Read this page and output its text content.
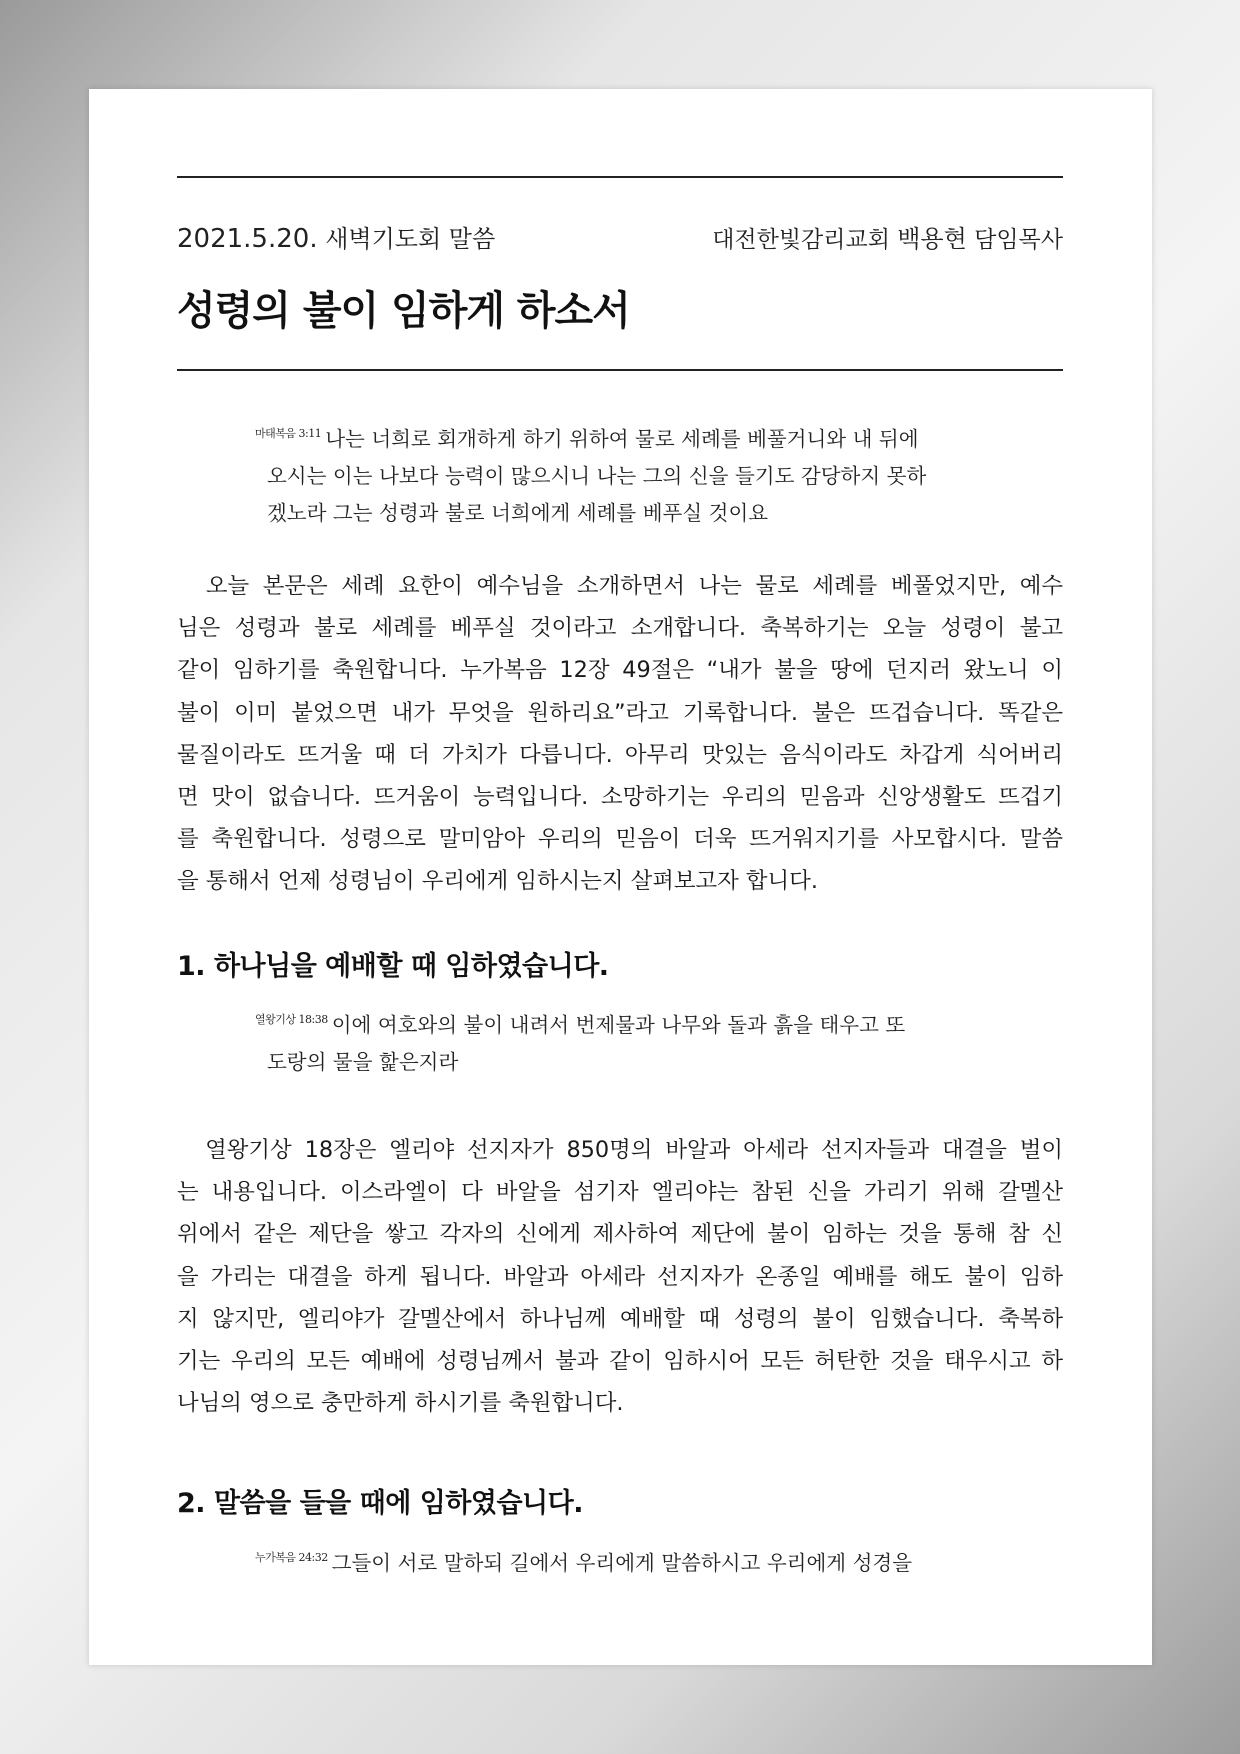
2021.5.20. 새벽기도회 말씀	대전한빛감리교회 백용현 담임목사
성령의 불이 임하게 하소서
$^{마태복음 3:11}$ 나는 너희로 회개하게 하기 위하여 물로 세례를 베풀거니와 내 뒤에
오시는 이는 나보다 능력이 많으시니 나는 그의 신을 들기도 감당하지 못하
겠노라 그는 성령과 불로 너희에게 세례를 베푸실 것이요
　오늘 본문은 세례 요한이 예수님을 소개하면서 나는 물로 세례를 베풀었지만, 예수
님은 성령과 불로 세례를 베푸실 것이라고 소개합니다. 축복하기는 오늘 성령이 불고
같이 임하기를 축원합니다. 누가복음 12장 49절은 “내가 불을 땅에 던지러 왔노니 이
불이 이미 붙었으면 내가 무엇을 원하리요”라고 기록합니다. 불은 뜨겁습니다. 똑같은
물질이라도 뜨거울 때 더 가치가 다릅니다. 아무리 맛있는 음식이라도 차갑게 식어버리
면 맛이 없습니다. 뜨거움이 능력입니다. 소망하기는 우리의 믿음과 신앙생활도 뜨겁기
를 축원합니다. 성령으로 말미암아 우리의 믿음이 더욱 뜨거워지기를 사모합시다. 말씀
을 통해서 언제 성령님이 우리에게 임하시는지 살펴보고자 합니다.
1. 하나님을 예배할 때 임하였습니다.
$^{열왕기상 18:38}$ 이에 여호와의 불이 내려서 번제물과 나무와 돌과 흙을 태우고 또
도랑의 물을 핥은지라
　열왕기상 18장은 엘리야 선지자가 850명의 바알과 아세라 선지자들과 대결을 벌이
는 내용입니다. 이스라엘이 다 바알을 섬기자 엘리야는 참된 신을 가리기 위해 갈멜산
위에서 같은 제단을 쌓고 각자의 신에게 제사하여 제단에 불이 임하는 것을 통해 참 신
을 가리는 대결을 하게 됩니다. 바알과 아세라 선지자가 온종일 예배를 해도 불이 임하
지 않지만, 엘리야가 갈멜산에서 하나님께 예배할 때 성령의 불이 임했습니다. 축복하
기는 우리의 모든 예배에 성령님께서 불과 같이 임하시어 모든 허탄한 것을 태우시고 하
나님의 영으로 충만하게 하시기를 축원합니다.
2. 말씀을 들을 때에 임하였습니다.
$^{누가복음 24:32}$ 그들이 서로 말하되 길에서 우리에게 말씀하시고 우리에게 성경을
